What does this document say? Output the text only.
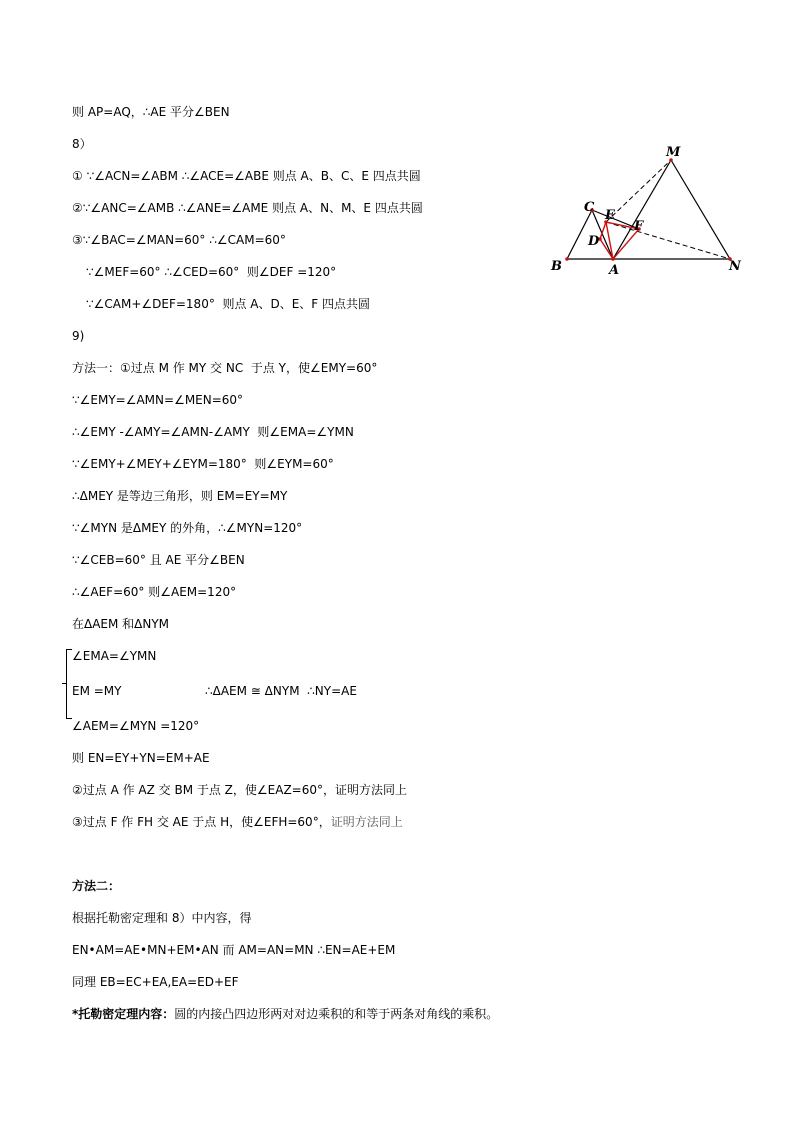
则 AP=AQ，∴AE 平分∠BEN
8）
① ∵∠ACN=∠ABM ∴∠ACE=∠ABE 则点 A、B、C、E 四点共圆
②∵∠ANC=∠AMB ∴∠ANE=∠AME 则点 A、N、M、E 四点共圆
③∵∠BAC=∠MAN=60° ∴∠CAM=60°
∵∠MEF=60° ∴∠CED=60°  则∠DEF =120°
∵∠CAM+∠DEF=180°  则点 A、D、E、F 四点共圆
9)
方法一：①过点 M 作 MY 交 NC  于点 Y，使∠EMY=60°
∵∠EMY=∠AMN=∠MEN=60°
∴∠EMY -∠AMY=∠AMN-∠AMY  则∠EMA=∠YMN
∵∠EMY+∠MEY+∠EYM=180°  则∠EYM=60°
∴ΔMEY 是等边三角形，则 EM=EY=MY
∵∠MYN 是ΔMEY 的外角，∴∠MYN=120°
∵∠CEB=60° 且 AE 平分∠BEN
∴∠AEF=60° 则∠AEM=120°
在ΔAEM 和ΔNYM
∠EMA=∠YMN
EM =MY	∴ΔAEM ≅ ΔNYM  ∴NY=AE
∠AEM=∠MYN =120°
则 EN=EY+YN=EM+AE
②过点 A 作 AZ 交 BM 于点 Z，使∠EAZ=60°，证明方法同上
③过点 F 作 FH 交 AE 于点 H，使∠EFH=60°，证明方法同上
方法二：
根据托勒密定理和 8）中内容，得
EN•AM=AE•MN+EM•AN 而 AM=AN=MN ∴EN=AE+EM
同理 EB=EC+EA,EA=ED+EF
*托勒密定理内容：圆的内接凸四边形两对对边乘积的和等于两条对角线的乘积。
M
C
E
F
D
B	A	N
